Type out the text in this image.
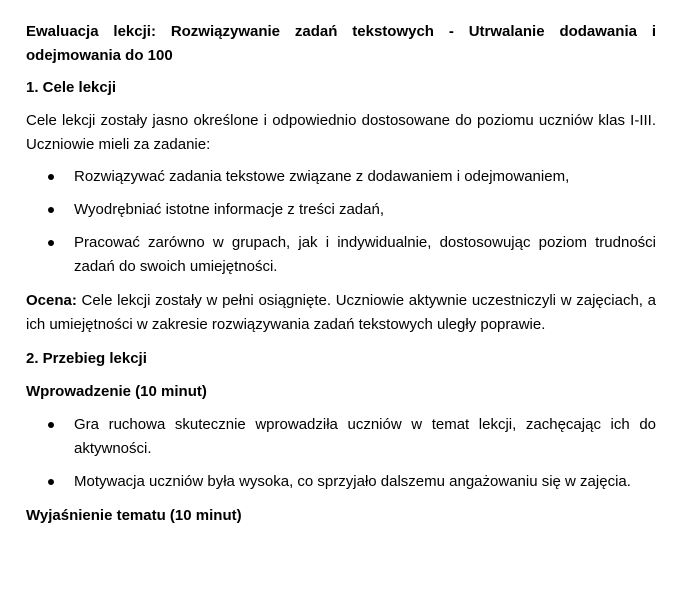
Ewaluacja lekcji: Rozwiązywanie zadań tekstowych - Utrwalanie dodawania i odejmowania do 100
1. Cele lekcji
Cele lekcji zostały jasno określone i odpowiednio dostosowane do poziomu uczniów klas I-III. Uczniowie mieli za zadanie:
Rozwiązywać zadania tekstowe związane z dodawaniem i odejmowaniem,
Wyodrębniać istotne informacje z treści zadań,
Pracować zarówno w grupach, jak i indywidualnie, dostosowując poziom trudności zadań do swoich umiejętności.
Ocena: Cele lekcji zostały w pełni osiągnięte. Uczniowie aktywnie uczestniczyli w zajęciach, a ich umiejętności w zakresie rozwiązywania zadań tekstowych uległy poprawie.
2. Przebieg lekcji
Wprowadzenie (10 minut)
Gra ruchowa skutecznie wprowadziła uczniów w temat lekcji, zachęcając ich do aktywności.
Motywacja uczniów była wysoka, co sprzyjało dalszemu angażowaniu się w zajęcia.
Wyjaśnienie tematu (10 minut)
